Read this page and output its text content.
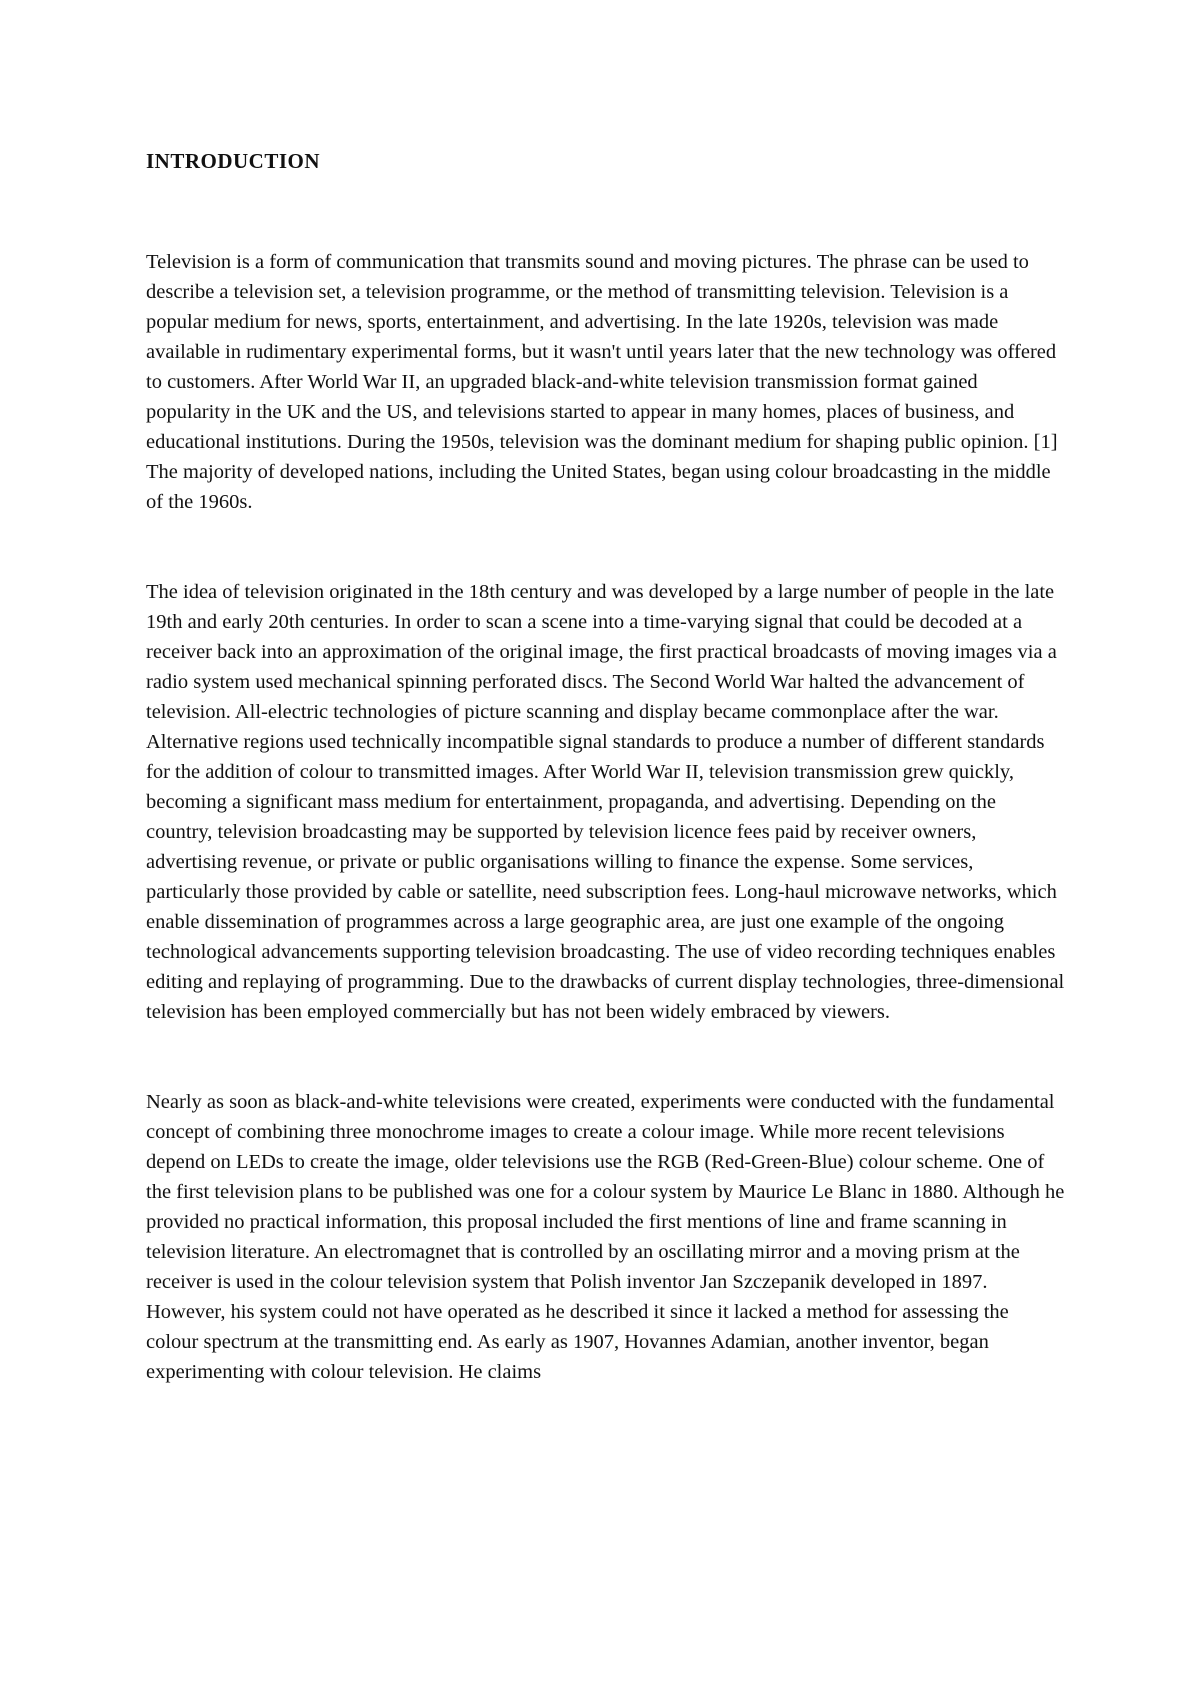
INTRODUCTION

Television is a form of communication that transmits sound and moving pictures. The phrase can be used to describe a television set, a television programme, or the method of transmitting television. Television is a popular medium for news, sports, entertainment, and advertising. In the late 1920s, television was made available in rudimentary experimental forms, but it wasn't until years later that the new technology was offered to customers. After World War II, an upgraded black-and-white television transmission format gained popularity in the UK and the US, and televisions started to appear in many homes, places of business, and educational institutions. During the 1950s, television was the dominant medium for shaping public opinion. [1] The majority of developed nations, including the United States, began using colour broadcasting in the middle of the 1960s.

The idea of television originated in the 18th century and was developed by a large number of people in the late 19th and early 20th centuries. In order to scan a scene into a time-varying signal that could be decoded at a receiver back into an approximation of the original image, the first practical broadcasts of moving images via a radio system used mechanical spinning perforated discs. The Second World War halted the advancement of television. All-electric technologies of picture scanning and display became commonplace after the war. Alternative regions used technically incompatible signal standards to produce a number of different standards for the addition of colour to transmitted images. After World War II, television transmission grew quickly, becoming a significant mass medium for entertainment, propaganda, and advertising. Depending on the country, television broadcasting may be supported by television licence fees paid by receiver owners, advertising revenue, or private or public organisations willing to finance the expense. Some services, particularly those provided by cable or satellite, need subscription fees. Long-haul microwave networks, which enable dissemination of programmes across a large geographic area, are just one example of the ongoing technological advancements supporting television broadcasting. The use of video recording techniques enables editing and replaying of programming. Due to the drawbacks of current display technologies, three-dimensional television has been employed commercially but has not been widely embraced by viewers.

Nearly as soon as black-and-white televisions were created, experiments were conducted with the fundamental concept of combining three monochrome images to create a colour image. While more recent televisions depend on LEDs to create the image, older televisions use the RGB (Red-Green-Blue) colour scheme. One of the first television plans to be published was one for a colour system by Maurice Le Blanc in 1880. Although he provided no practical information, this proposal included the first mentions of line and frame scanning in television literature. An electromagnet that is controlled by an oscillating mirror and a moving prism at the receiver is used in the colour television system that Polish inventor Jan Szczepanik developed in 1897. However, his system could not have operated as he described it since it lacked a method for assessing the colour spectrum at the transmitting end. As early as 1907, Hovannes Adamian, another inventor, began experimenting with colour television. He claims
